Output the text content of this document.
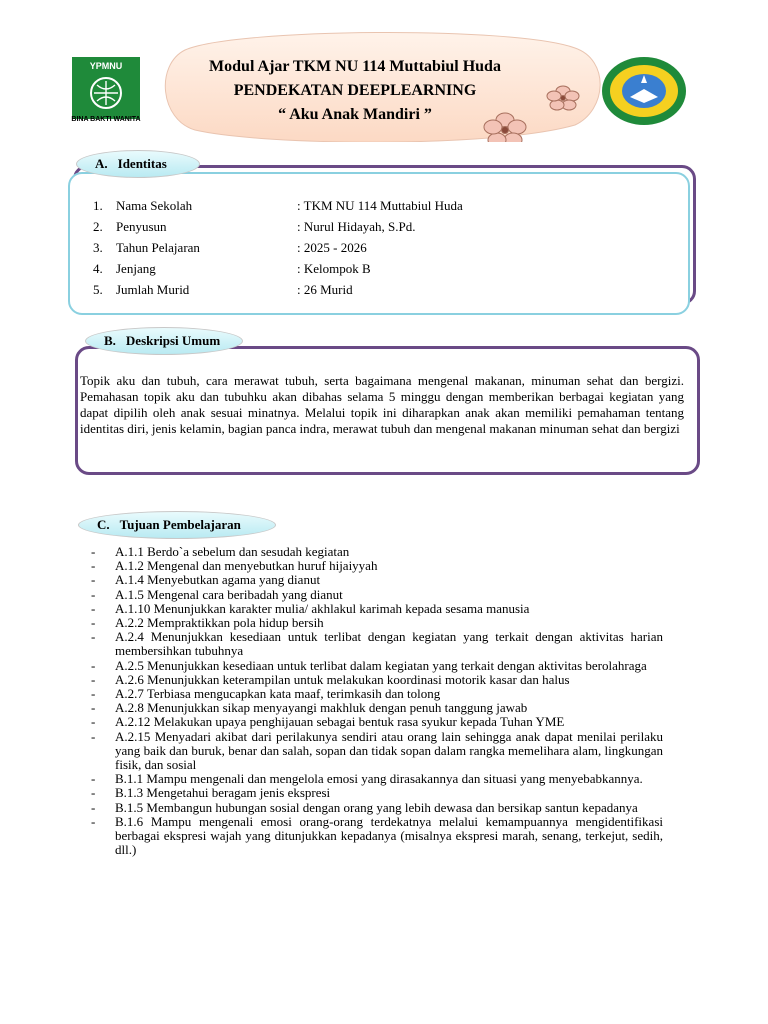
Modul Ajar TKM NU 114 Muttabiul Huda
PENDEKATAN DEEPLEARNING
“ Aku Anak Mandiri ”
YPMNU
BINA BAKTI WANITA
A. Identitas
1. Nama Sekolah	: TKM NU 114 Muttabiul Huda
2. Penyusun	: Nurul Hidayah, S.Pd.
3. Tahun Pelajaran	: 2025 - 2026
4. Jenjang	: Kelompok B
5. Jumlah Murid	: 26 Murid
B. Deskripsi Umum
Topik aku dan tubuh, cara merawat tubuh, serta bagaimana mengenal makanan, minuman sehat dan bergizi. Pemahasan topik aku dan tubuhku akan dibahas selama 5 minggu dengan memberikan berbagai kegiatan yang dapat dipilih oleh anak sesuai minatnya. Melalui topik ini diharapkan anak akan memiliki pemahaman tentang identitas diri, jenis kelamin, bagian panca indra, merawat tubuh dan mengenal makanan minuman sehat dan bergizi
C. Tujuan Pembelajaran
- A.1.1 Berdo`a sebelum dan sesudah kegiatan
- A.1.2 Mengenal dan menyebutkan huruf hijaiyyah
- A.1.4 Menyebutkan agama yang dianut
- A.1.5 Mengenal cara beribadah yang dianut
- A.1.10 Menunjukkan karakter mulia/ akhlakul karimah kepada sesama manusia
- A.2.2 Mempraktikkan pola hidup bersih
- A.2.4 Menunjukkan kesediaan untuk terlibat dengan kegiatan yang terkait dengan aktivitas harian membersihkan tubuhnya
- A.2.5 Menunjukkan kesediaan untuk terlibat dalam kegiatan yang terkait dengan aktivitas berolahraga
- A.2.6 Menunjukkan keterampilan untuk melakukan koordinasi motorik kasar dan halus
- A.2.7 Terbiasa mengucapkan kata maaf, terimkasih dan tolong
- A.2.8 Menunjukkan sikap menyayangi makhluk dengan penuh tanggung jawab
- A.2.12 Melakukan upaya penghijauan sebagai bentuk rasa syukur kepada Tuhan YME
- A.2.15 Menyadari akibat dari perilakunya sendiri atau orang lain sehingga anak dapat menilai perilaku yang baik dan buruk, benar dan salah, sopan dan tidak sopan dalam rangka memelihara alam, lingkungan fisik, dan sosial
- B.1.1 Mampu mengenali dan mengelola emosi yang dirasakannya dan situasi yang menyebabkannya.
- B.1.3 Mengetahui beragam jenis ekspresi
- B.1.5 Membangun hubungan sosial dengan orang yang lebih dewasa dan bersikap santun kepadanya
- B.1.6 Mampu mengenali emosi orang-orang terdekatnya melalui kemampuannya mengidentifikasi berbagai ekspresi wajah yang ditunjukkan kepadanya (misalnya ekspresi marah, senang, terkejut, sedih, dll.)
